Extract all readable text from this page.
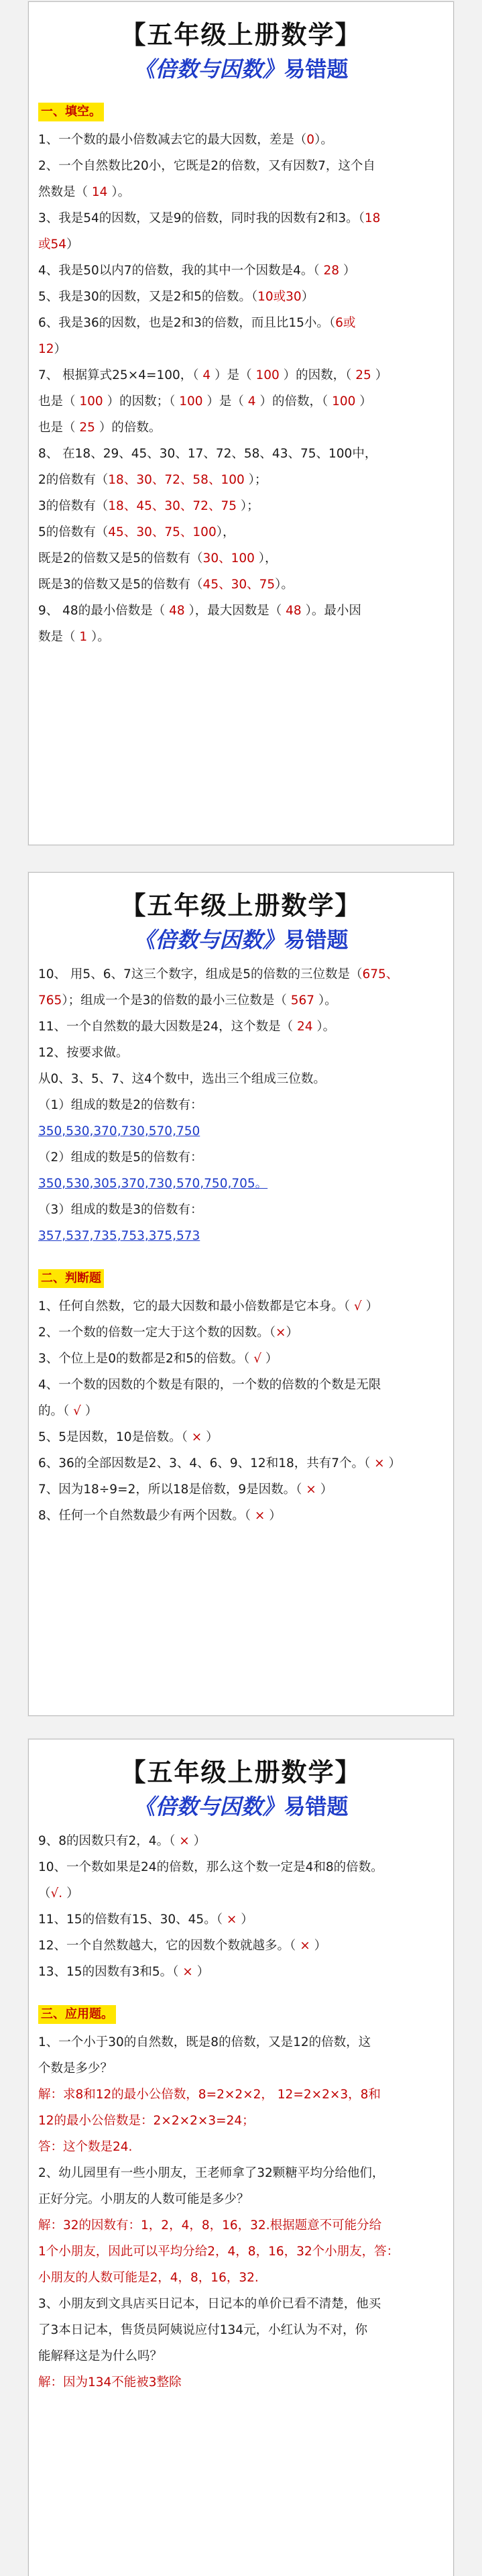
【五年级上册数学】
《倍数与因数》易错题
一、填空。
1、一个数的最小倍数减去它的最大因数，差是（0）。
2、一个自然数比20小，它既是2的倍数，又有因数7，这个自
然数是（ 14 ）。
3、我是54的因数，又是9的倍数，同时我的因数有2和3。（18
或54）
4、我是50以内7的倍数，我的其中一个因数是4。（ 28 ）
5、我是30的因数，又是2和5的倍数。（10或30）
6、我是36的因数，也是2和3的倍数，而且比15小。（6或
12）
7、 根据算式25×4=100，（ 4 ）是（ 100 ）的因数，（ 25 ）
也是（ 100 ）的因数；（ 100 ）是（ 4 ）的倍数，（ 100 ）
也是（ 25 ）的倍数。
8、 在18、29、45、30、17、72、58、43、75、100中，
2的倍数有（18、30、72、58、100 ）；
3的倍数有（18、45、30、72、75 ）；
5的倍数有（45、30、75、100），
既是2的倍数又是5的倍数有（30、100 ），
既是3的倍数又是5的倍数有（45、30、75）。
9、 48的最小倍数是（ 48 ），最大因数是（ 48 ）。最小因
数是（ 1 ）。
【五年级上册数学】
《倍数与因数》易错题
10、 用5、6、7这三个数字，组成是5的倍数的三位数是（675、
765）；组成一个是3的倍数的最小三位数是（ 567 ）。
11、一个自然数的最大因数是24，这个数是（ 24 ）。
12、按要求做。
从0、3、5、7、这4个数中，选出三个组成三位数。
（1）组成的数是2的倍数有：
350,530,370,730,570,750
（2）组成的数是5的倍数有：
350,530,305,370,730,570,750,705。
（3）组成的数是3的倍数有：
357,537,735,753,375,573
二、判断题
1、任何自然数，它的最大因数和最小倍数都是它本身。（ √ ）
2、一个数的倍数一定大于这个数的因数。（×）
3、个位上是0的数都是2和5的倍数。（ √ ）
4、一个数的因数的个数是有限的，一个数的倍数的个数是无限
的。（ √ ）
5、5是因数，10是倍数。（ × ）
6、36的全部因数是2、3、4、6、9、12和18，共有7个。（ × ）
7、因为18÷9=2，所以18是倍数，9是因数。（ × ）
8、任何一个自然数最少有两个因数。（ × ）
【五年级上册数学】
《倍数与因数》易错题
9、8的因数只有2，4。（ × ）
10、一个数如果是24的倍数，那么这个数一定是4和8的倍数。
（√. ）
11、15的倍数有15、30、45。（ × ）
12、一个自然数越大，它的因数个数就越多。（ × ）
13、15的因数有3和5。（ × ）
三、应用题。
1、一个小于30的自然数，既是8的倍数，又是12的倍数，这
个数是多少？
解：求8和12的最小公倍数，8=2×2×2， 12=2×2×3，8和
12的最小公倍数是：2×2×2×3=24；
答：这个数是24.
2、幼儿园里有一些小朋友，王老师拿了32颗糖平均分给他们，
正好分完。小朋友的人数可能是多少？
解：32的因数有：1，2，4，8，16，32.根据题意不可能分给
1个小朋友，因此可以平均分给2，4，8，16，32个小朋友，答：
小朋友的人数可能是2，4，8，16，32.
3、小朋友到文具店买日记本，日记本的单价已看不清楚，他买
了3本日记本，售货员阿姨说应付134元，小红认为不对，你
能解释这是为什么吗？
解：因为134不能被3整除
